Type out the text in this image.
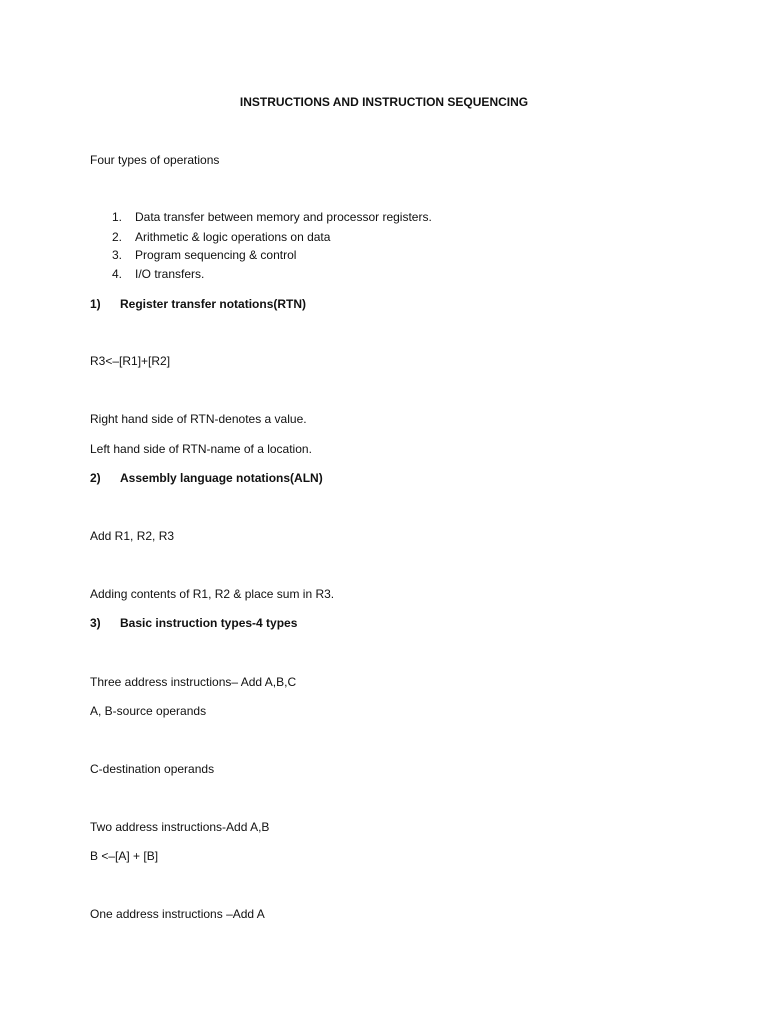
INSTRUCTIONS AND INSTRUCTION SEQUENCING
Four types of operations
1. Data transfer between memory and processor registers.
2. Arithmetic & logic operations on data
3. Program sequencing & control
4. I/O transfers.
1) Register transfer notations(RTN)
R3<–[R1]+[R2]
Right hand side of RTN-denotes a value.
Left hand side of RTN-name of a location.
2) Assembly language notations(ALN)
Add R1, R2, R3
Adding contents of R1, R2 & place sum in R3.
3) Basic instruction types-4 types
Three address instructions– Add A,B,C
A, B-source operands
C-destination operands
Two address instructions-Add A,B
B <–[A] + [B]
One address instructions –Add A
